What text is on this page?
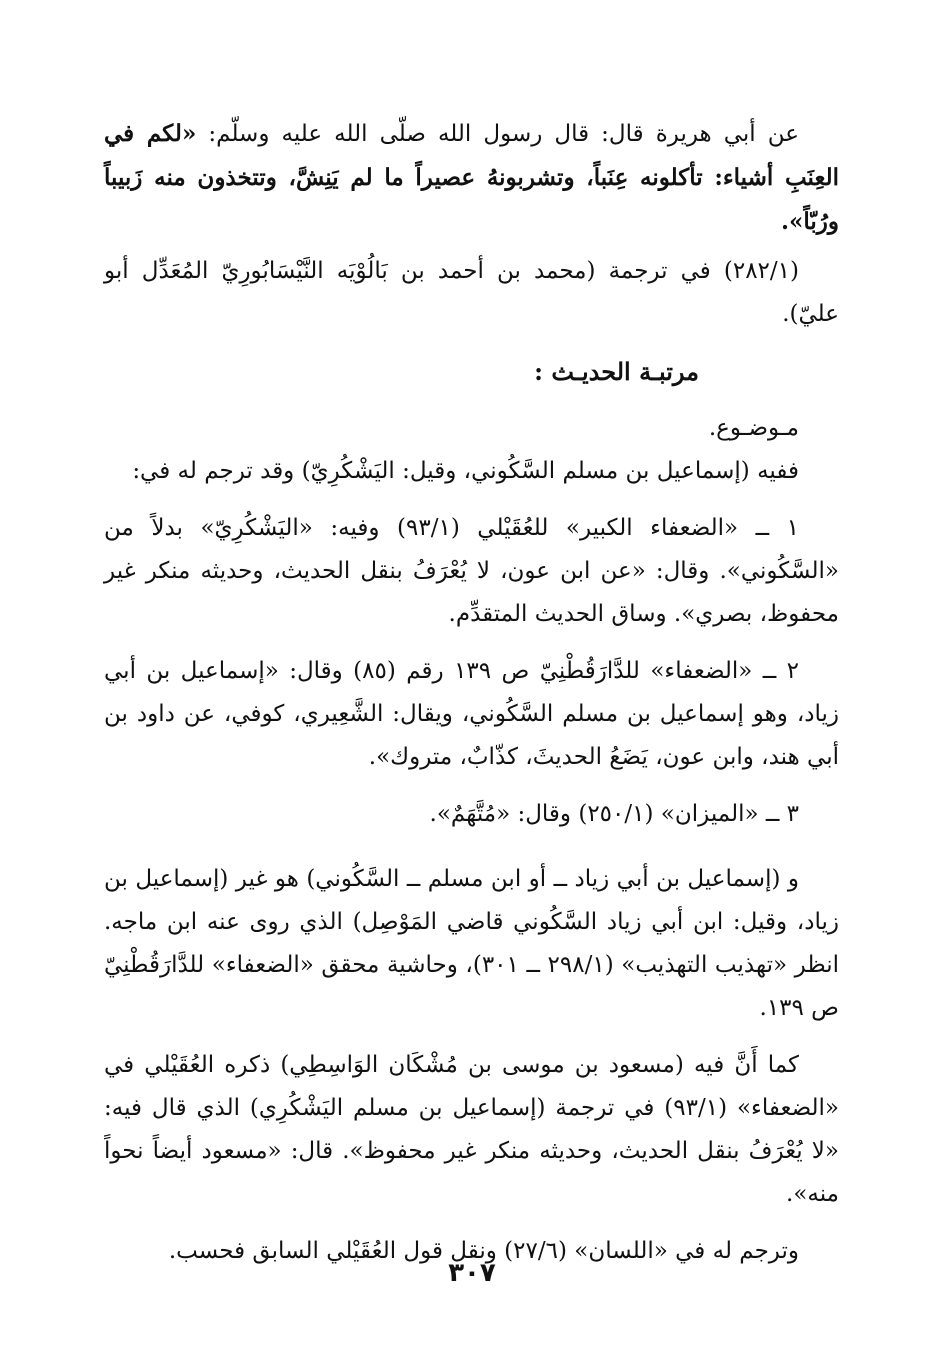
عن أبي هريرة قال: قال رسول الله صلّى الله عليه وسلّم: «لكم في العِنَبِ أشياء: تأكلونه عِنَباً، وتشربونهُ عصيراً ما لم يَنِشَّ، وتتخذون منه زَبيباً ورُبّاً».

(٢٨٢/١) في ترجمة (محمد بن أحمد بن بَالُوْيَه النَّيْسَابُورِيّ المُعَدِّل أبو عليّ).

مرتبـة الحديـث :

مـوضـوع.

ففيه (إسماعيل بن مسلم السَّكُوني، وقيل: اليَشْكُرِيّ) وقد ترجم له في:

١ ــ «الضعفاء الكبير» للعُقَيْلي (٩٣/١) وفيه: «اليَشْكُرِيّ» بدلاً من «السَّكُوني». وقال: «عن ابن عون، لا يُعْرَفُ بنقل الحديث، وحديثه منكر غير محفوظ، بصري». وساق الحديث المتقدِّم.

٢ ــ «الضعفاء» للدَّارَقُطْنِيّ ص ١٣٩ رقم (٨٥) وقال: «إسماعيل بن أبي زياد، وهو إسماعيل بن مسلم السَّكُوني، ويقال: الشَّعِيري، كوفي، عن داود بن أبي هند، وابن عون، يَضَعُ الحديثَ، كذّابٌ، متروك».

٣ ــ «الميزان» (٢٥٠/١) وقال: «مُتَّهَمٌ».

و (إسماعيل بن أبي زياد ــ أو ابن مسلم ــ السَّكُوني) هو غير (إسماعيل بن زياد، وقيل: ابن أبي زياد السَّكُوني قاضي المَوْصِل) الذي روى عنه ابن ماجه. انظر «تهذيب التهذيب» (٢٩٨/١ ــ ٣٠١)، وحاشية محقق «الضعفاء» للدَّارَقُطْنِيّ ص ١٣٩.

كما أَنَّ فيه (مسعود بن موسى بن مُشْكَان الوَاسِطِي) ذكره العُقَيْلي في «الضعفاء» (٩٣/١) في ترجمة (إسماعيل بن مسلم اليَشْكُرِي) الذي قال فيه: «لا يُعْرَفُ بنقل الحديث، وحديثه منكر غير محفوظ». قال: «مسعود أيضاً نحواً منه».

وترجم له في «اللسان» (٢٧/٦) ونقل قول العُقَيْلي السابق فحسب.

٣٠٧
